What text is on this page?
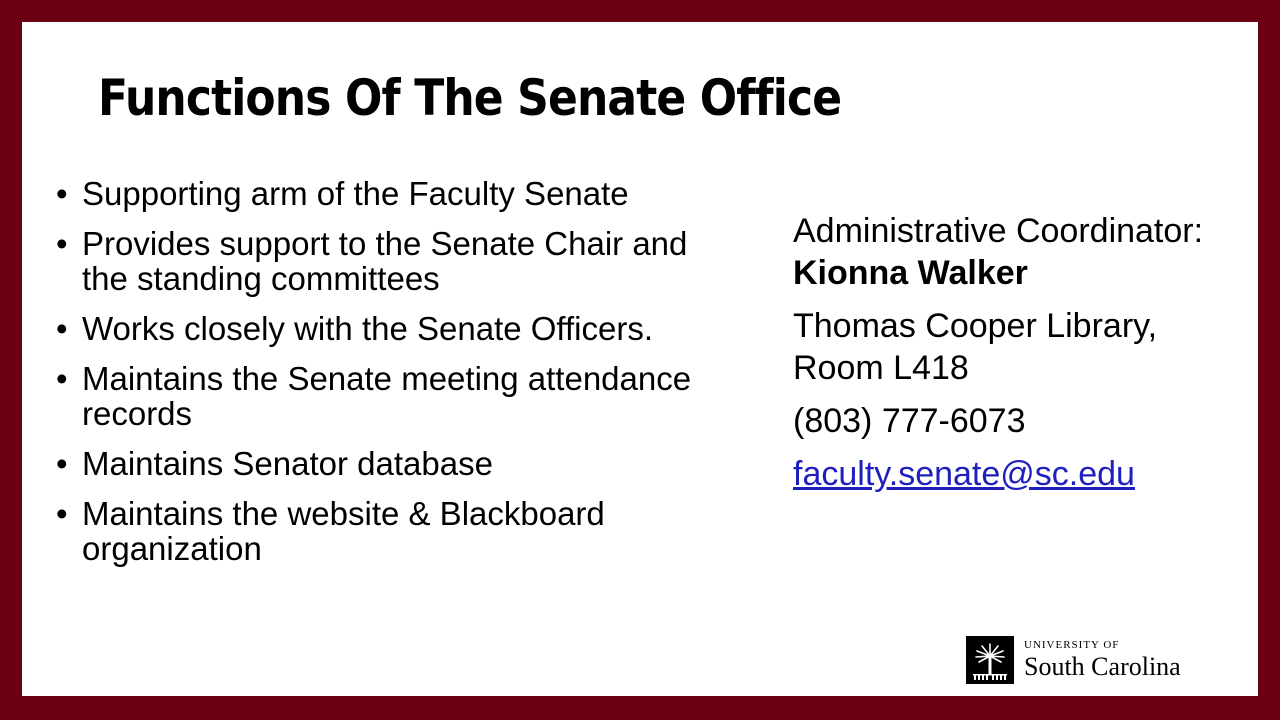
Functions Of The Senate Office
• Supporting arm of the Faculty Senate
• Provides support to the Senate Chair and the standing committees
• Works closely with the Senate Officers.
• Maintains the Senate meeting attendance records
• Maintains Senator database
• Maintains the website & Blackboard organization

Administrative Coordinator:
Kionna Walker

Thomas Cooper Library,
Room L418

(803) 777-6073

faculty.senate@sc.edu

UNIVERSITY OF
South Carolina
